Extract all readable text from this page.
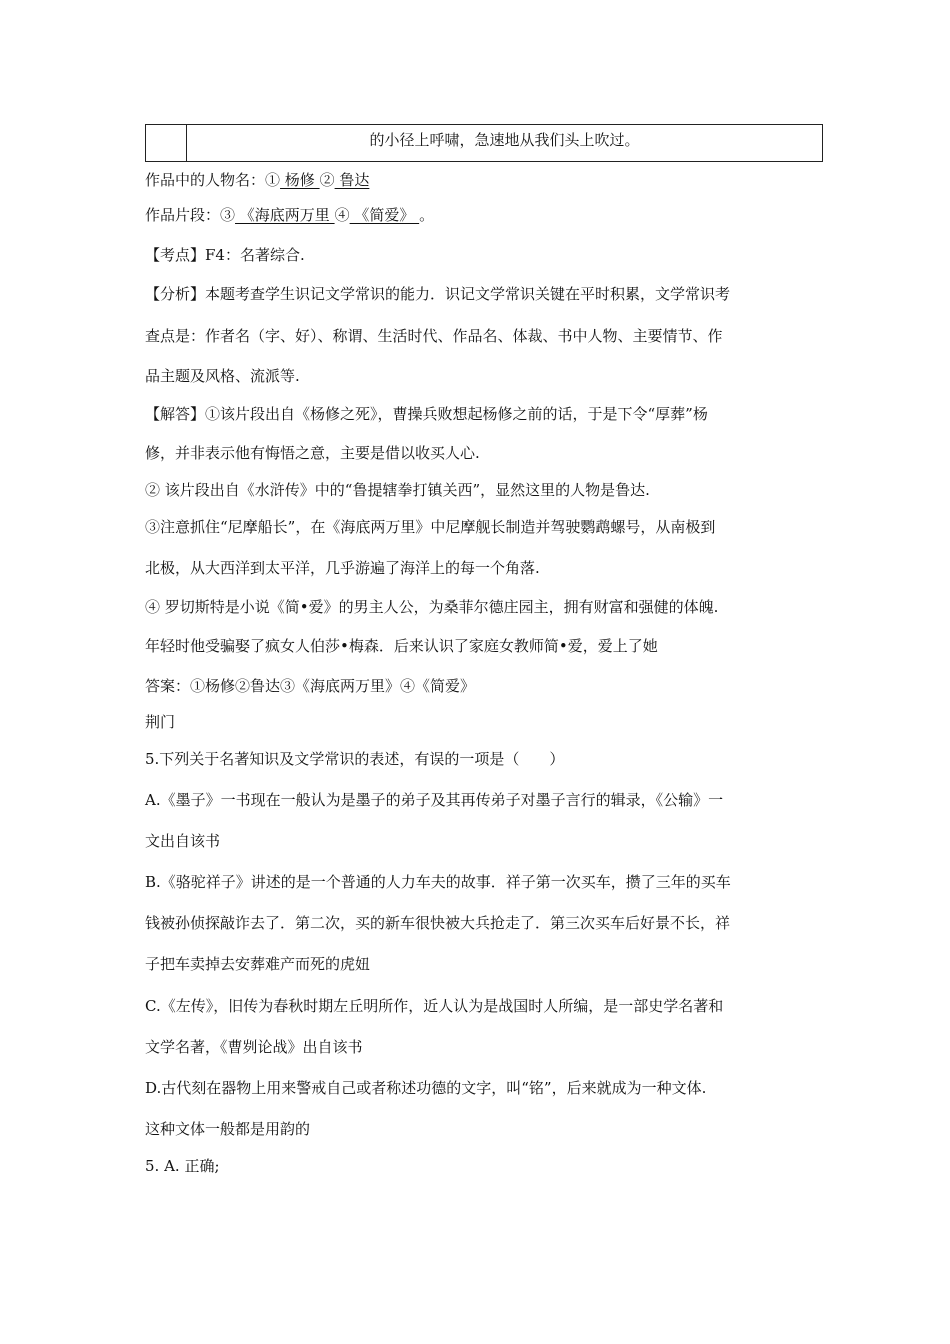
的小径上呼啸，急速地从我们头上吹过。
作品中的人物名：① 杨修 ② 鲁达
作品片段：③ 《海底两万里 ④ 《简爱》 。
【考点】F4：名著综合.
【分析】本题考查学生识记文学常识的能力．识记文学常识关键在平时积累，文学常识考
查点是：作者名（字、好）、称谓、生活时代、作品名、体裁、书中人物、主要情节、作
品主题及风格、流派等.
【解答】①该片段出自《杨修之死》，曹操兵败想起杨修之前的话，于是下令“厚葬”杨
修，并非表示他有悔悟之意，主要是借以收买人心.
② 该片段出自《水浒传》中的“鲁提辖拳打镇关西”，显然这里的人物是鲁达.
③注意抓住“尼摩船长”，在《海底两万里》中尼摩舰长制造并驾驶鹦鹉螺号，从南极到
北极，从大西洋到太平洋，几乎游遍了海洋上的每一个角落.
④ 罗切斯特是小说《简•爱》的男主人公，为桑菲尔德庄园主，拥有财富和强健的体魄.
年轻时他受骗娶了疯女人伯莎•梅森．后来认识了家庭女教师简•爱，爱上了她
答案：①杨修②鲁达③《海底两万里》④《简爱》
荆门
5.下列关于名著知识及文学常识的表述，有误的一项是（　　）
A.《墨子》一书现在一般认为是墨子的弟子及其再传弟子对墨子言行的辑录，《公输》一
文出自该书
B.《骆驼祥子》讲述的是一个普通的人力车夫的故事．祥子第一次买车，攒了三年的买车
钱被孙侦探敲诈去了．第二次，买的新车很快被大兵抢走了．第三次买车后好景不长，祥
子把车卖掉去安葬难产而死的虎妞
C.《左传》，旧传为春秋时期左丘明所作，近人认为是战国时人所编，是一部史学名著和
文学名著，《曹刿论战》出自该书
D.古代刻在器物上用来警戒自己或者称述功德的文字，叫“铭”，后来就成为一种文体.
这种文体一般都是用韵的
5. A. 正确;
